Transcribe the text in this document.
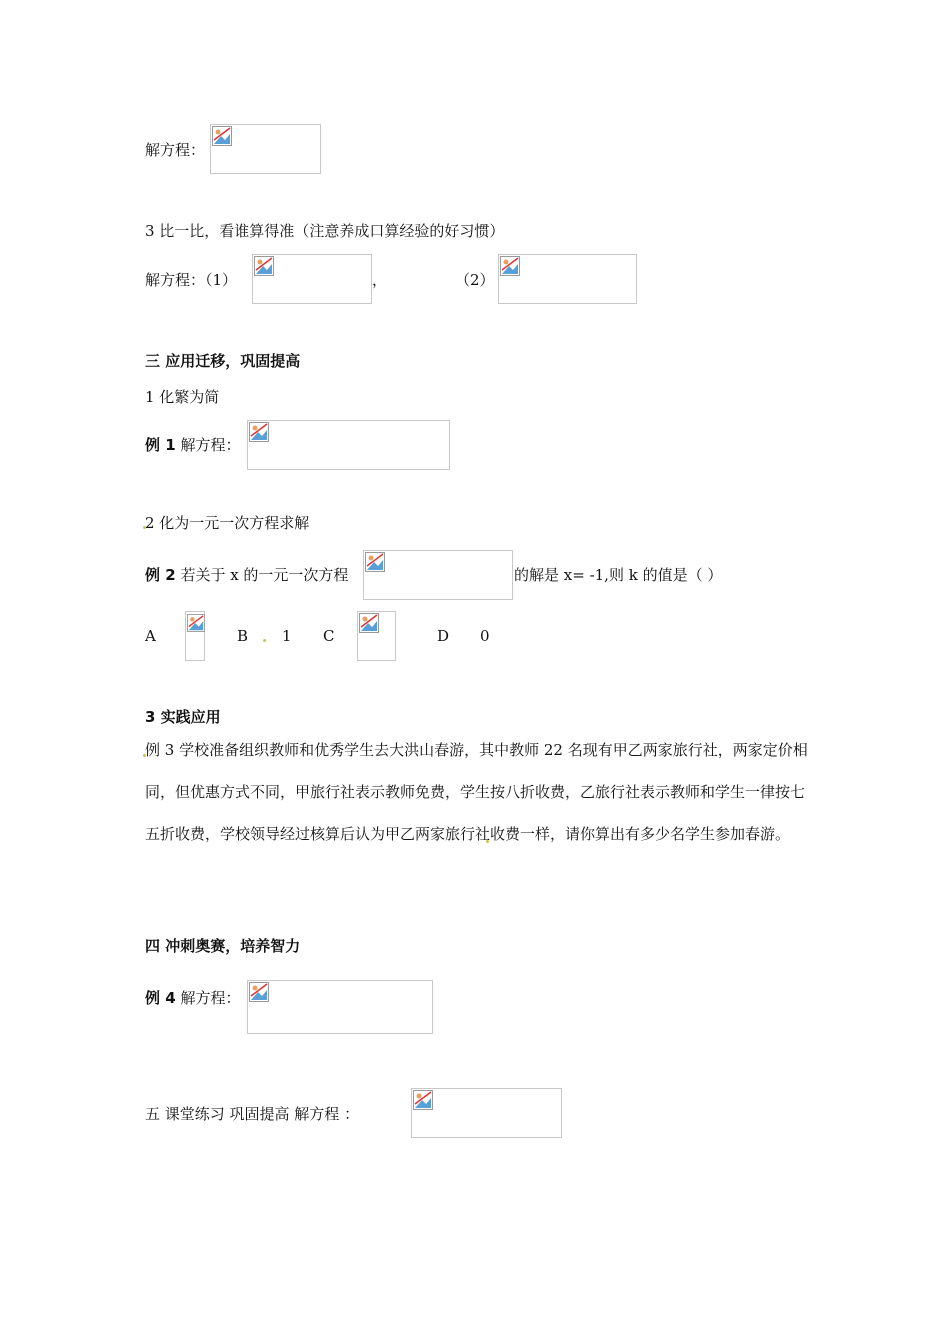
解方程：
3 比一比，看谁算得准（注意养成口算经验的好习惯）
解方程：（1）	，	（2）
三 应用迁移，巩固提高
1 化繁为简
例 1 解方程：
2 化为一元一次方程求解
例 2 若关于 x 的一元一次方程	的解是 x= -1,则 k 的值是（ ）
A	B 1 C	D 0
3 实践应用
例 3 学校准备组织教师和优秀学生去大洪山春游，其中教师 22 名现有甲乙两家旅行社，两家定价相同，但优惠方式不同，甲旅行社表示教师免费，学生按八折收费，乙旅行社表示教师和学生一律按七五折收费，学校领导经过核算后认为甲乙两家旅行社收费一样，请你算出有多少名学生参加春游。
四 冲刺奥赛，培养智力
例 4 解方程：
五 课堂练习 巩固提高 解方程 ：
